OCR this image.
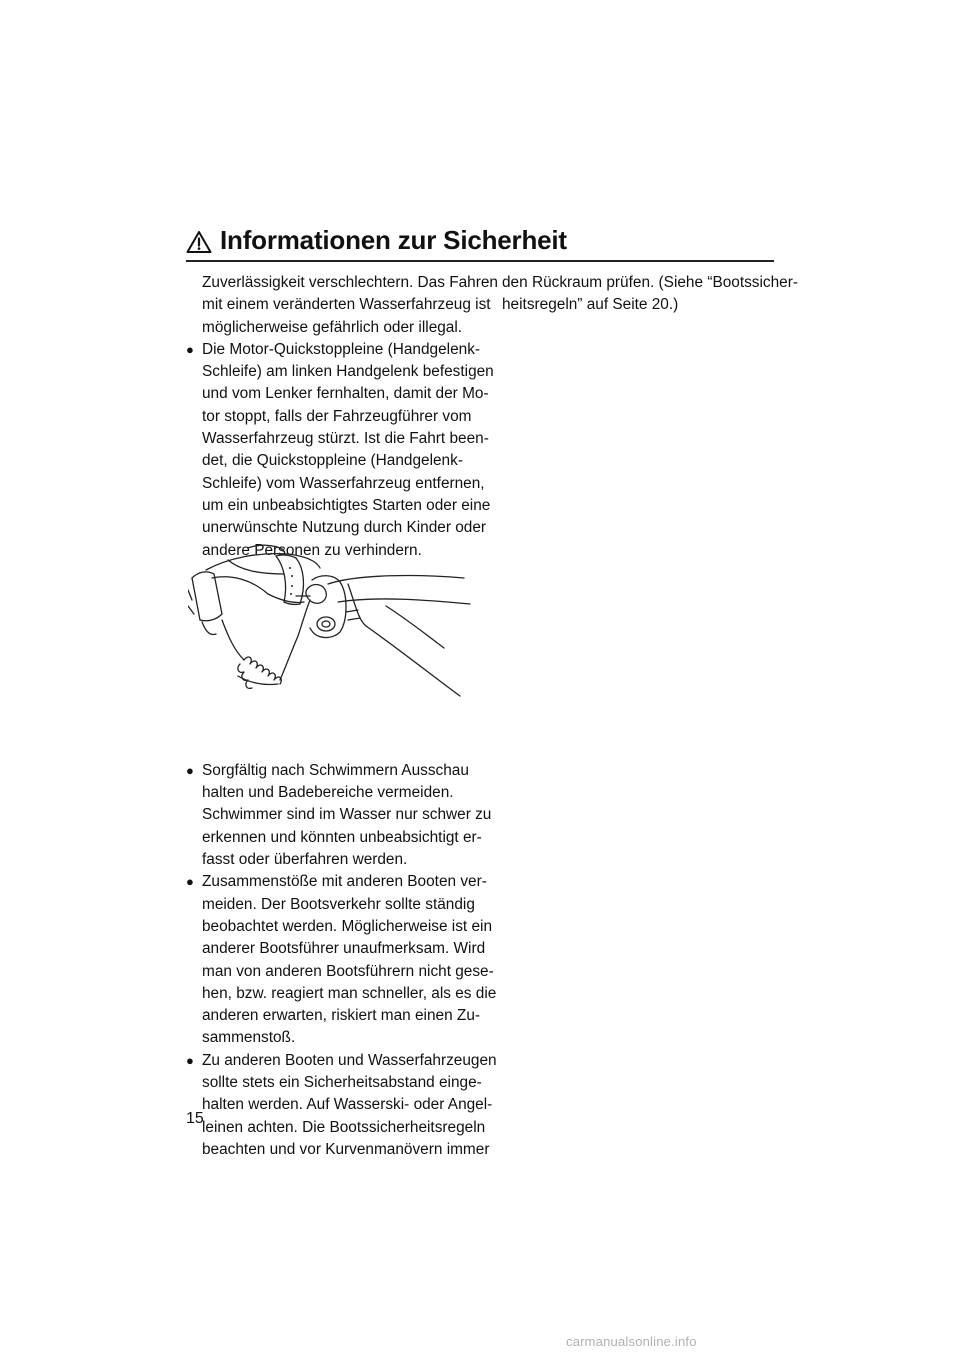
Informationen zur Sicherheit
Zuverlässigkeit verschlechtern. Das Fahren
mit einem veränderten Wasserfahrzeug ist
möglicherweise gefährlich oder illegal.
● Die Motor-Quickstoppleine (Handgelenk-
Schleife) am linken Handgelenk befestigen
und vom Lenker fernhalten, damit der Mo-
tor stoppt, falls der Fahrzeugführer vom
Wasserfahrzeug stürzt. Ist die Fahrt been-
det, die Quickstoppleine (Handgelenk-
Schleife) vom Wasserfahrzeug entfernen,
um ein unbeabsichtigtes Starten oder eine
unerwünschte Nutzung durch Kinder oder
andere Personen zu verhindern.
● Sorgfältig nach Schwimmern Ausschau
halten und Badebereiche vermeiden.
Schwimmer sind im Wasser nur schwer zu
erkennen und könnten unbeabsichtigt er-
fasst oder überfahren werden.
● Zusammenstöße mit anderen Booten ver-
meiden. Der Bootsverkehr sollte ständig
beobachtet werden. Möglicherweise ist ein
anderer Bootsführer unaufmerksam. Wird
man von anderen Bootsführern nicht gese-
hen, bzw. reagiert man schneller, als es die
anderen erwarten, riskiert man einen Zu-
sammenstoß.
● Zu anderen Booten und Wasserfahrzeugen
sollte stets ein Sicherheitsabstand einge-
halten werden. Auf Wasserski- oder Angel-
leinen achten. Die Bootssicherheitsregeln
beachten und vor Kurvenmanövern immer
den Rückraum prüfen. (Siehe “Bootssicher-
heitsregeln” auf Seite 20.)
15
carmanualsonline.info
